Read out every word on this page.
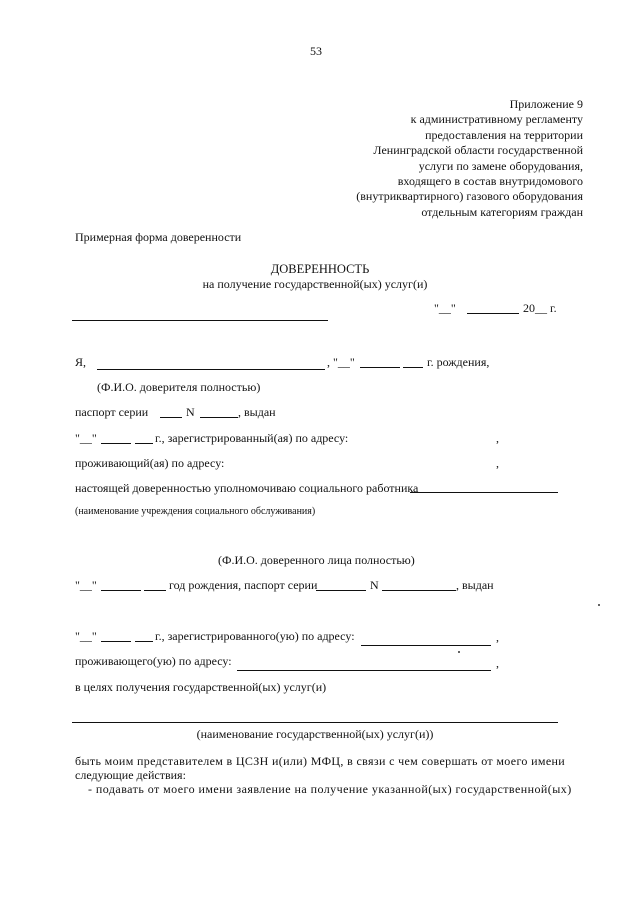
53
Приложение 9
к административному регламенту
предоставления на территории
Ленинградской области государственной
услуги по замене оборудования,
входящего в состав внутридомового
(внутриквартирного) газового оборудования
отдельным категориям граждан
Примерная форма доверенности
ДОВЕРЕННОСТЬ
на получение государственной(ых) услуг(и)
"__"	20__ г.
Я,	, "__"	г. рождения,
(Ф.И.О. доверителя полностью)
паспорт серии	N	, выдан
"__"	г., зарегистрированный(ая) по адресу:	,
проживающий(ая) по адресу:	,
настоящей доверенностью уполномочиваю социального работника
(наименование учреждения социального обслуживания)
(Ф.И.О. доверенного лица полностью)
"__"	год рождения, паспорт серии	N	, выдан
"__"	г., зарегистрированного(ую) по адресу:	,
проживающего(ую) по адресу:	,
в целях получения государственной(ых) услуг(и)
(наименование государственной(ых) услуг(и))
быть моим представителем в ЦСЗН и(или) МФЦ, в связи с чем совершать от моего имени
следующие действия:
- подавать от моего имени заявление на получение указанной(ых) государственной(ых)
